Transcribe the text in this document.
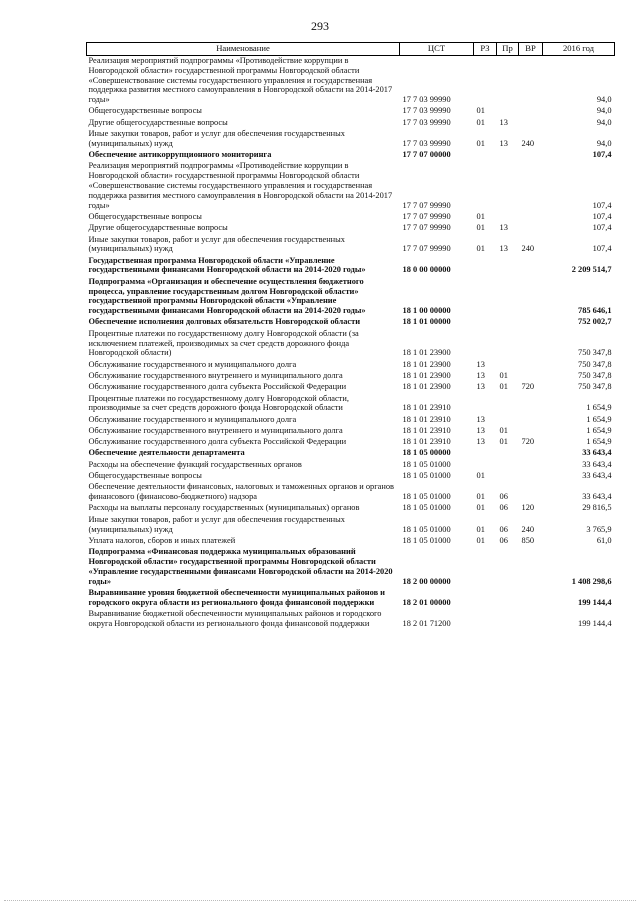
293
Наименование	ЦСТ	РЗ	Пр	ВР	2016 год
Реализация мероприятий подпрограммы «Противодействие коррупции в Новгородской области» государственной программы Новгородской области «Совершенствование системы государственного управления и государственная поддержка развития местного самоуправления в Новгородской области на 2014-2017 годы»	17 7 03 99990				94,0
Общегосударственные вопросы	17 7 03 99990	01			94,0
Другие общегосударственные вопросы	17 7 03 99990	01	13		94,0
Иные закупки товаров, работ и услуг для обеспечения государственных (муниципальных) нужд	17 7 03 99990	01	13	240	94,0
Обеспечение антикоррупционного мониторинга	17 7 07 00000				107,4
Реализация мероприятий подпрограммы «Противодействие коррупции в Новгородской области» государственной программы Новгородской области «Совершенствование системы государственного управления и государственная поддержка развития местного самоуправления в Новгородской области на 2014-2017 годы»	17 7 07 99990				107,4
Общегосударственные вопросы	17 7 07 99990	01			107,4
Другие общегосударственные вопросы	17 7 07 99990	01	13		107,4
Иные закупки товаров, работ и услуг для обеспечения государственных (муниципальных) нужд	17 7 07 99990	01	13	240	107,4
Государственная программа Новгородской области «Управление государственными финансами Новгородской области на 2014-2020 годы»	18 0 00 00000				2 209 514,7
Подпрограмма «Организация и обеспечение осуществления бюджетного процесса, управление государственным долгом Новгородской области» государственной программы Новгородской области «Управление государственными финансами Новгородской области на 2014-2020 годы»	18 1 00 00000				785 646,1
Обеспечение исполнения долговых обязательств Новгородской области	18 1 01 00000				752 002,7
Процентные платежи по государственному долгу Новгородской области (за исключением платежей, производимых за счет средств дорожного фонда Новгородской области)	18 1 01 23900				750 347,8
Обслуживание государственного и муниципального долга	18 1 01 23900	13			750 347,8
Обслуживание государственного внутреннего и муниципального долга	18 1 01 23900	13	01		750 347,8
Обслуживание государственного долга субъекта Российской Федерации	18 1 01 23900	13	01	720	750 347,8
Процентные платежи по государственному долгу Новгородской области, производимые за счет средств дорожного фонда Новгородской области	18 1 01 23910				1 654,9
Обслуживание государственного и муниципального долга	18 1 01 23910	13			1 654,9
Обслуживание государственного внутреннего и муниципального долга	18 1 01 23910	13	01		1 654,9
Обслуживание государственного долга субъекта Российской Федерации	18 1 01 23910	13	01	720	1 654,9
Обеспечение деятельности департамента	18 1 05 00000				33 643,4
Расходы на обеспечение функций государственных органов	18 1 05 01000				33 643,4
Общегосударственные вопросы	18 1 05 01000	01			33 643,4
Обеспечение деятельности финансовых, налоговых и таможенных органов и органов финансового (финансово-бюджетного) надзора	18 1 05 01000	01	06		33 643,4
Расходы на выплаты персоналу государственных (муниципальных) органов	18 1 05 01000	01	06	120	29 816,5
Иные закупки товаров, работ и услуг для обеспечения государственных (муниципальных) нужд	18 1 05 01000	01	06	240	3 765,9
Уплата налогов, сборов и иных платежей	18 1 05 01000	01	06	850	61,0
Подпрограмма «Финансовая поддержка муниципальных образований Новгородской области» государственной программы Новгородской области «Управление государственными финансами Новгородской области на 2014-2020 годы»	18 2 00 00000				1 408 298,6
Выравнивание уровня бюджетной обеспеченности муниципальных районов и городского округа области из регионального фонда финансовой поддержки	18 2 01 00000				199 144,4
Выравнивание бюджетной обеспеченности муниципальных районов и городского округа Новгородской области из регионального фонда финансовой поддержки	18 2 01 71200				199 144,4
